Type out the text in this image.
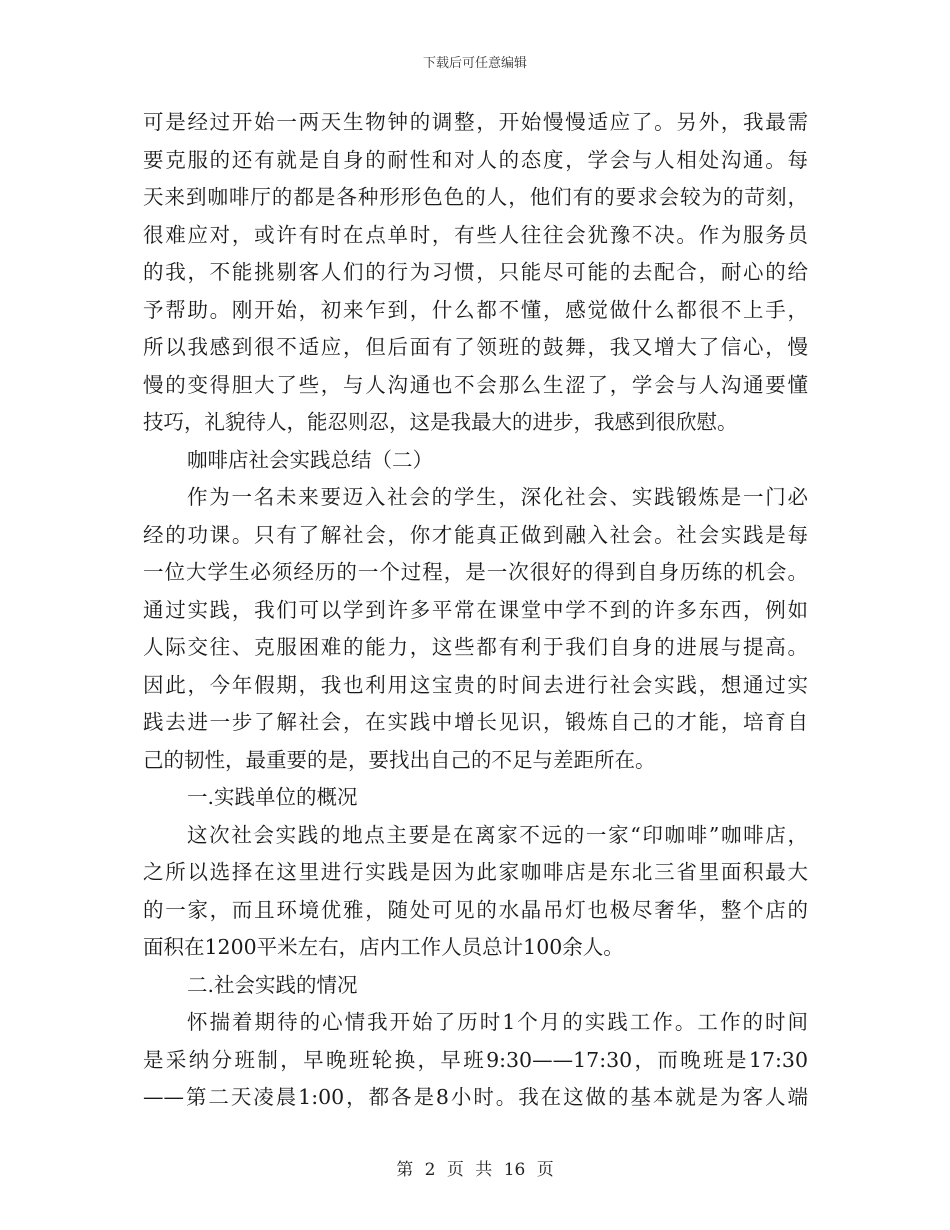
下载后可任意编辑
可是经过开始一两天生物钟的调整，开始慢慢适应了。另外，我最需
要克服的还有就是自身的耐性和对人的态度，学会与人相处沟通。每
天来到咖啡厅的都是各种形形色色的人，他们有的要求会较为的苛刻，
很难应对，或许有时在点单时，有些人往往会犹豫不决。作为服务员
的我，不能挑剔客人们的行为习惯，只能尽可能的去配合，耐心的给
予帮助。刚开始，初来乍到，什么都不懂，感觉做什么都很不上手，
所以我感到很不适应，但后面有了领班的鼓舞，我又增大了信心，慢
慢的变得胆大了些，与人沟通也不会那么生涩了，学会与人沟通要懂
技巧，礼貌待人，能忍则忍，这是我最大的进步，我感到很欣慰。
咖啡店社会实践总结（二）
作为一名未来要迈入社会的学生，深化社会、实践锻炼是一门必
经的功课。只有了解社会，你才能真正做到融入社会。社会实践是每
一位大学生必须经历的一个过程，是一次很好的得到自身历练的机会。
通过实践，我们可以学到许多平常在课堂中学不到的许多东西，例如
人际交往、克服困难的能力，这些都有利于我们自身的进展与提高。
因此，今年假期，我也利用这宝贵的时间去进行社会实践，想通过实
践去进一步了解社会，在实践中增长见识，锻炼自己的才能，培育自
己的韧性，最重要的是，要找出自己的不足与差距所在。
一.实践单位的概况
这次社会实践的地点主要是在离家不远的一家“印咖啡”咖啡店，
之所以选择在这里进行实践是因为此家咖啡店是东北三省里面积最大
的一家，而且环境优雅，随处可见的水晶吊灯也极尽奢华，整个店的
面积在1200平米左右，店内工作人员总计100余人。
二.社会实践的情况
怀揣着期待的心情我开始了历时1个月的实践工作。工作的时间
是采纳分班制，早晚班轮换，早班9:30——17:30，而晚班是17:30
——第二天凌晨1:00，都各是8小时。我在这做的基本就是为客人端
第 2 页 共 16 页
